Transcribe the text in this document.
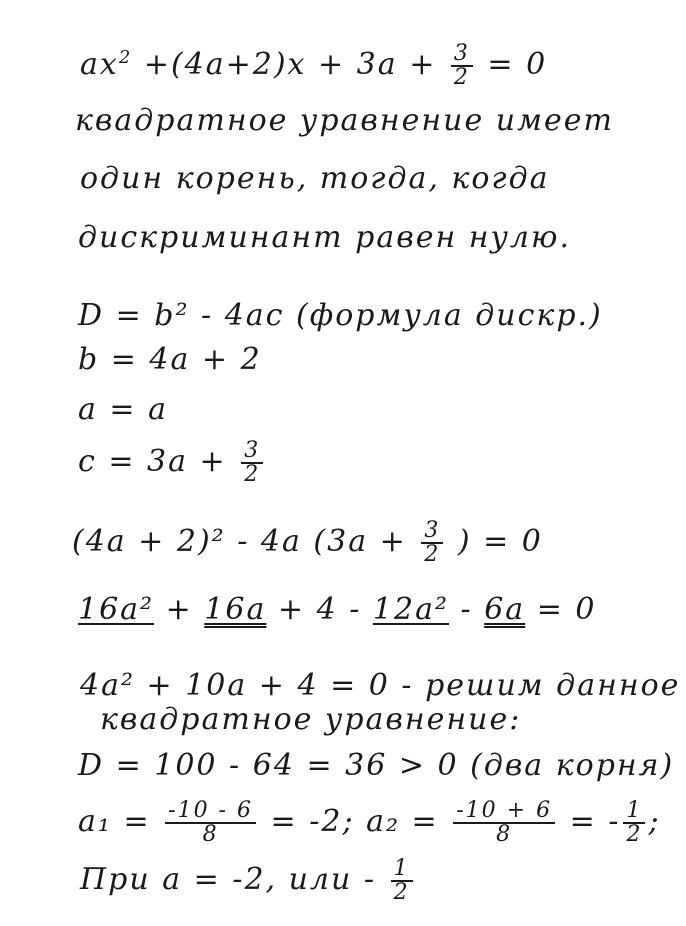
$ax^2 +(4a+2)x + 3a + \frac{3}{2} = 0$
квадратное уравнение имеет
один корень, тогда, когда
дискриминант равен нулю.
D = b² - 4ac (формула дискр.)
b = 4a + 2
a = a
$c = 3a + \frac{3}{2}$
(4a + 2)² - 4a ($3a + \frac{3}{2}$ ) = 0
16a² + 16a + 4 - 12a² - 6a = 0
4a² + 10a + 4 = 0 - решим данное
квадратное уравнение:
D = 100 - 64 = 36 > 0 (два корня)
$a_1 = \frac{-10 - 6}{8} = -2$; $a_2 = \frac{-10 + 6}{8}$ = - $\frac{1}{2}$ ;
При a = -2, или - $\frac{1}{2}$
